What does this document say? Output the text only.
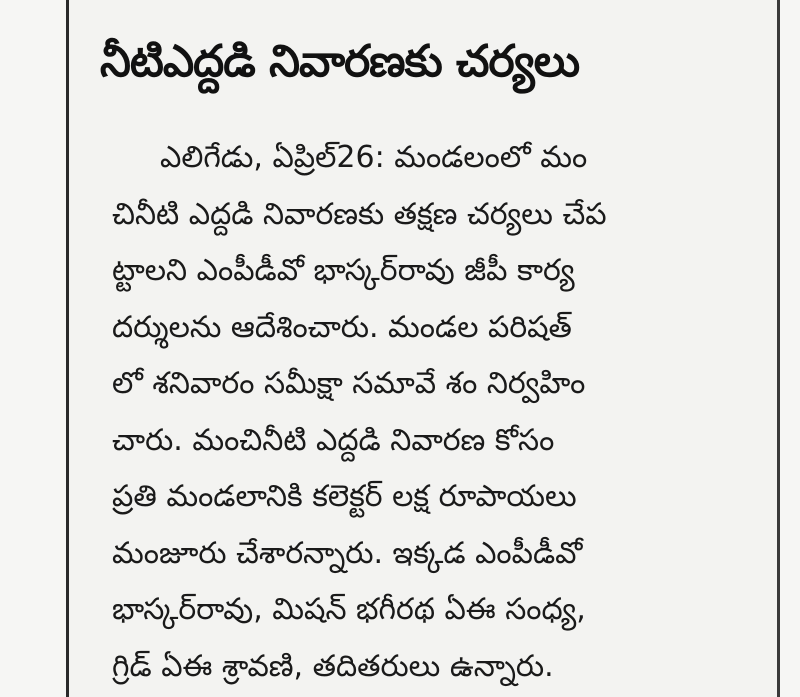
నీటిఎద్దడి నివారణకు చర్యలు
ఎలిగేడు, ఏప్రిల్26: మండలంలో మం
చినీటి ఎద్దడి నివారణకు తక్షణ చర్యలు చేప
ట్టాలని ఎంపీడీవో భాస్కర్‌రావు జీపీ కార్య
దర్శులను ఆదేశించారు. మండల పరిషత్
లో శనివారం సమీక్షా సమావే శం నిర్వహిం
చారు. మంచినీటి ఎద్దడి నివారణ కోసం
ప్రతి మండలానికి కలెక్టర్ లక్ష రూపాయలు
మంజూరు చేశారన్నారు. ఇక్కడ ఎంపీడీవో
భాస్కర్‌రావు, మిషన్ భగీరథ ఏఈ సంధ్య,
గ్రిడ్ ఏఈ శ్రావణి, తదితరులు ఉన్నారు.
